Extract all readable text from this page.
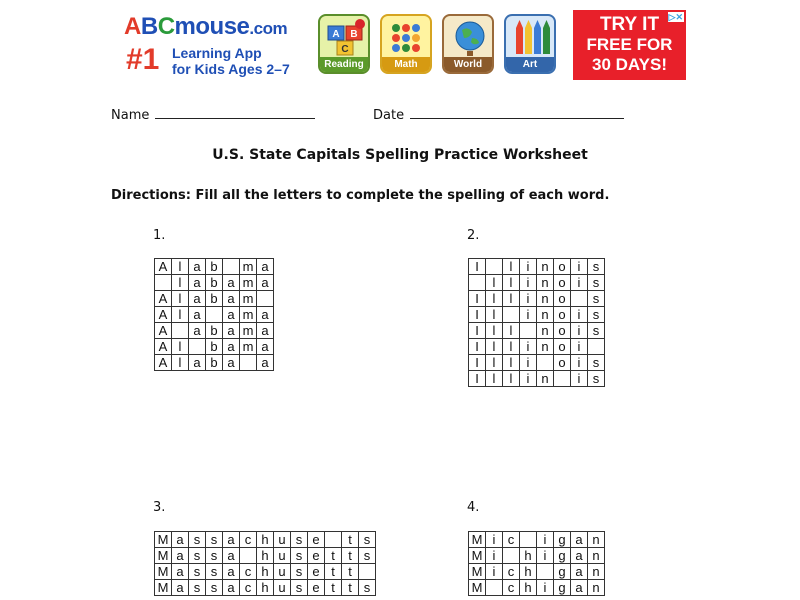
ABCmouse.com
#1 Learning App
for Kids Ages 2–7
A B
C
Reading	Math	World	Art
TRY IT
FREE FOR
30 DAYS!
▷✕
Name	Date
U.S. State Capitals Spelling Practice Worksheet
Directions: Fill all the letters to complete the spelling of each word.
1.
A	l	a	b		m	a
	l	a	b	a	m	a
A	l	a	b	a	m	
A	l	a		a	m	a
A		a	b	a	m	a
A	l		b	a	m	a
A	l	a	b	a		a
2.
I		l	i	n	o	i	s
	l	l	i	n	o	i	s
I	l	l	i	n	o		s
I	l		i	n	o	i	s
I	l	l		n	o	i	s
I	l	l	i	n	o	i	
I	l	l	i		o	i	s
I	l	l	i	n		i	s
3.
M	a	s	s	a	c	h	u	s	e		t	s
M	a	s	s	a		h	u	s	e	t	t	s
M	a	s	s	a	c	h	u	s	e	t	t	
M	a	s	s	a	c	h	u	s	e	t	t	s
4.
M	i	c		i	g	a	n
M	i		h	i	g	a	n
M	i	c	h		g	a	n
M		c	h	i	g	a	n
